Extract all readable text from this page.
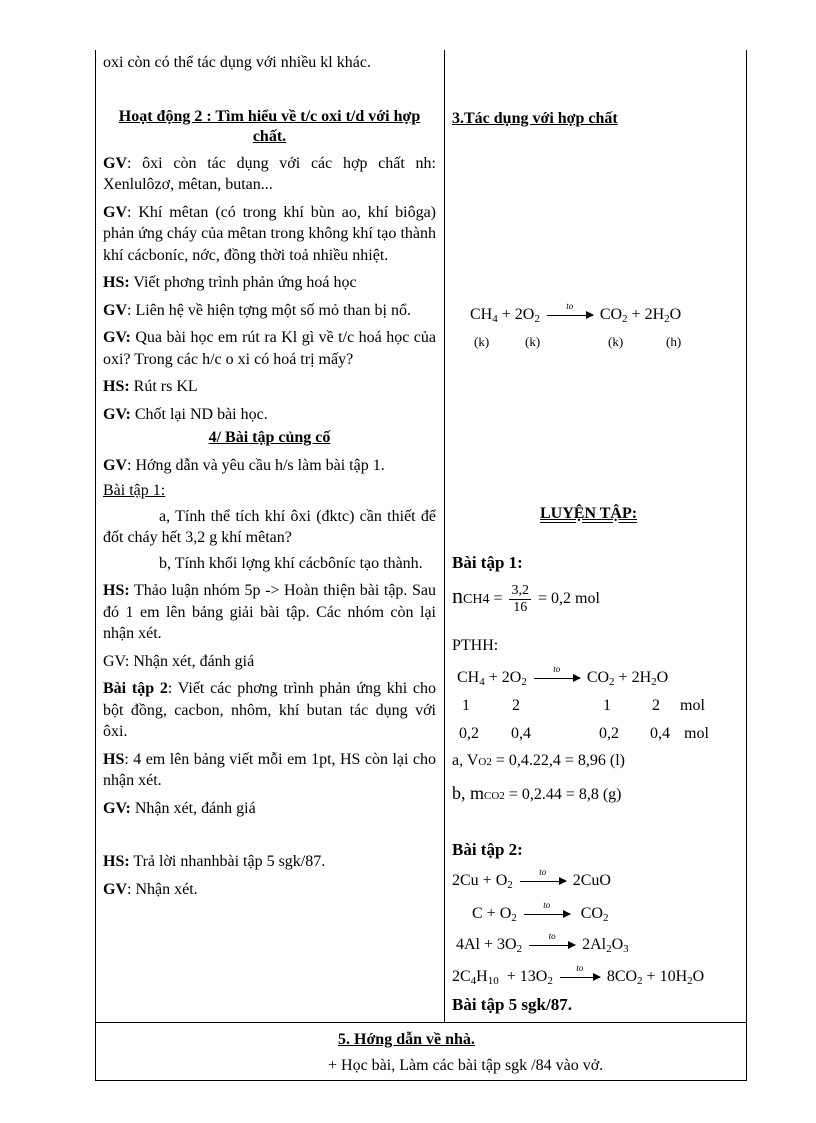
oxi còn có thể tác dụng với nhiều kl khác.

Hoạt động 2 : Tìm hiểu về t/c oxi t/d với hợp chất.

GV: ôxi còn tác dụng với các hợp chất nh: Xenlulôzơ, mêtan, butan...

GV: Khí mêtan (có trong khí bùn ao, khí biôga) phản ứng cháy của mêtan trong không khí tạo thành khí cácboníc, nớc, đồng thời toả nhiều nhiệt.

HS: Viết phơng trình phản ứng hoá học

GV: Liên hệ về hiện tợng một số mỏ than bị nổ.

GV: Qua bài học em rút ra Kl gì về t/c hoá học của oxi? Trong các h/c o xi có hoá trị mấy?

HS: Rút rs KL

GV: Chốt lại ND bài học.

4/ Bài tập củng cố

GV: Hớng dẫn và yêu cầu h/s làm bài tập 1.

Bài tập 1:

a, Tính thể tích khí ôxi (đktc) cần thiết để đốt cháy hết 3,2 g khí mêtan?

b, Tính khối lợng khí cácbôníc tạo thành.

HS: Thảo luận nhóm 5p -> Hoàn thiện bài tập. Sau đó 1 em lên bảng giải bài tập. Các nhóm còn lại nhận xét.

GV: Nhận xét, đánh giá

Bài tập 2: Viết các phơng trình phản ứng khi cho bột đồng, cacbon, nhôm, khí butan tác dụng với ôxi.

HS: 4 em lên bảng viết mỗi em 1pt, HS còn lại cho nhận xét.

GV: Nhận xét, đánh giá

HS: Trả lời nhanhbài tập 5 sgk/87.

GV: Nhận xét.

3.Tác dụng với hợp chất
$CH_4 + 2O_2$
to	$CO_2 + 2H_2O$
(k)	(k)	(k)	(h)
LUYỆN TẬP:
Bài tập 1:
$nCH4 = \frac{3,2}{16} = 0,2$ mol
PTHH:
$CH_4 + 2O_2$
to	$CO_2 + 2H_2O$
1	2	1	2 mol
0,2 0,4	0,2 0,4 mol
a, VO2 = 0,4.22,4 = 8,96 (l)
b, mCO2 = 0,2.44 = 8,8 (g)
Bài tập 2:
$2Cu + O_2$
to	2CuO
$C + O_2$
to	$CO_2$
$4Al + 3O_2$
to	$2Al_2O_3$
$2C_4H_{10} + 13O_2$
to	$8CO_2 + 10H_2O$
Bài tập 5 sgk/87.
5. Hớng dẫn về nhà.
+ Học bài, Làm các bài tập sgk /84 vào vở.
